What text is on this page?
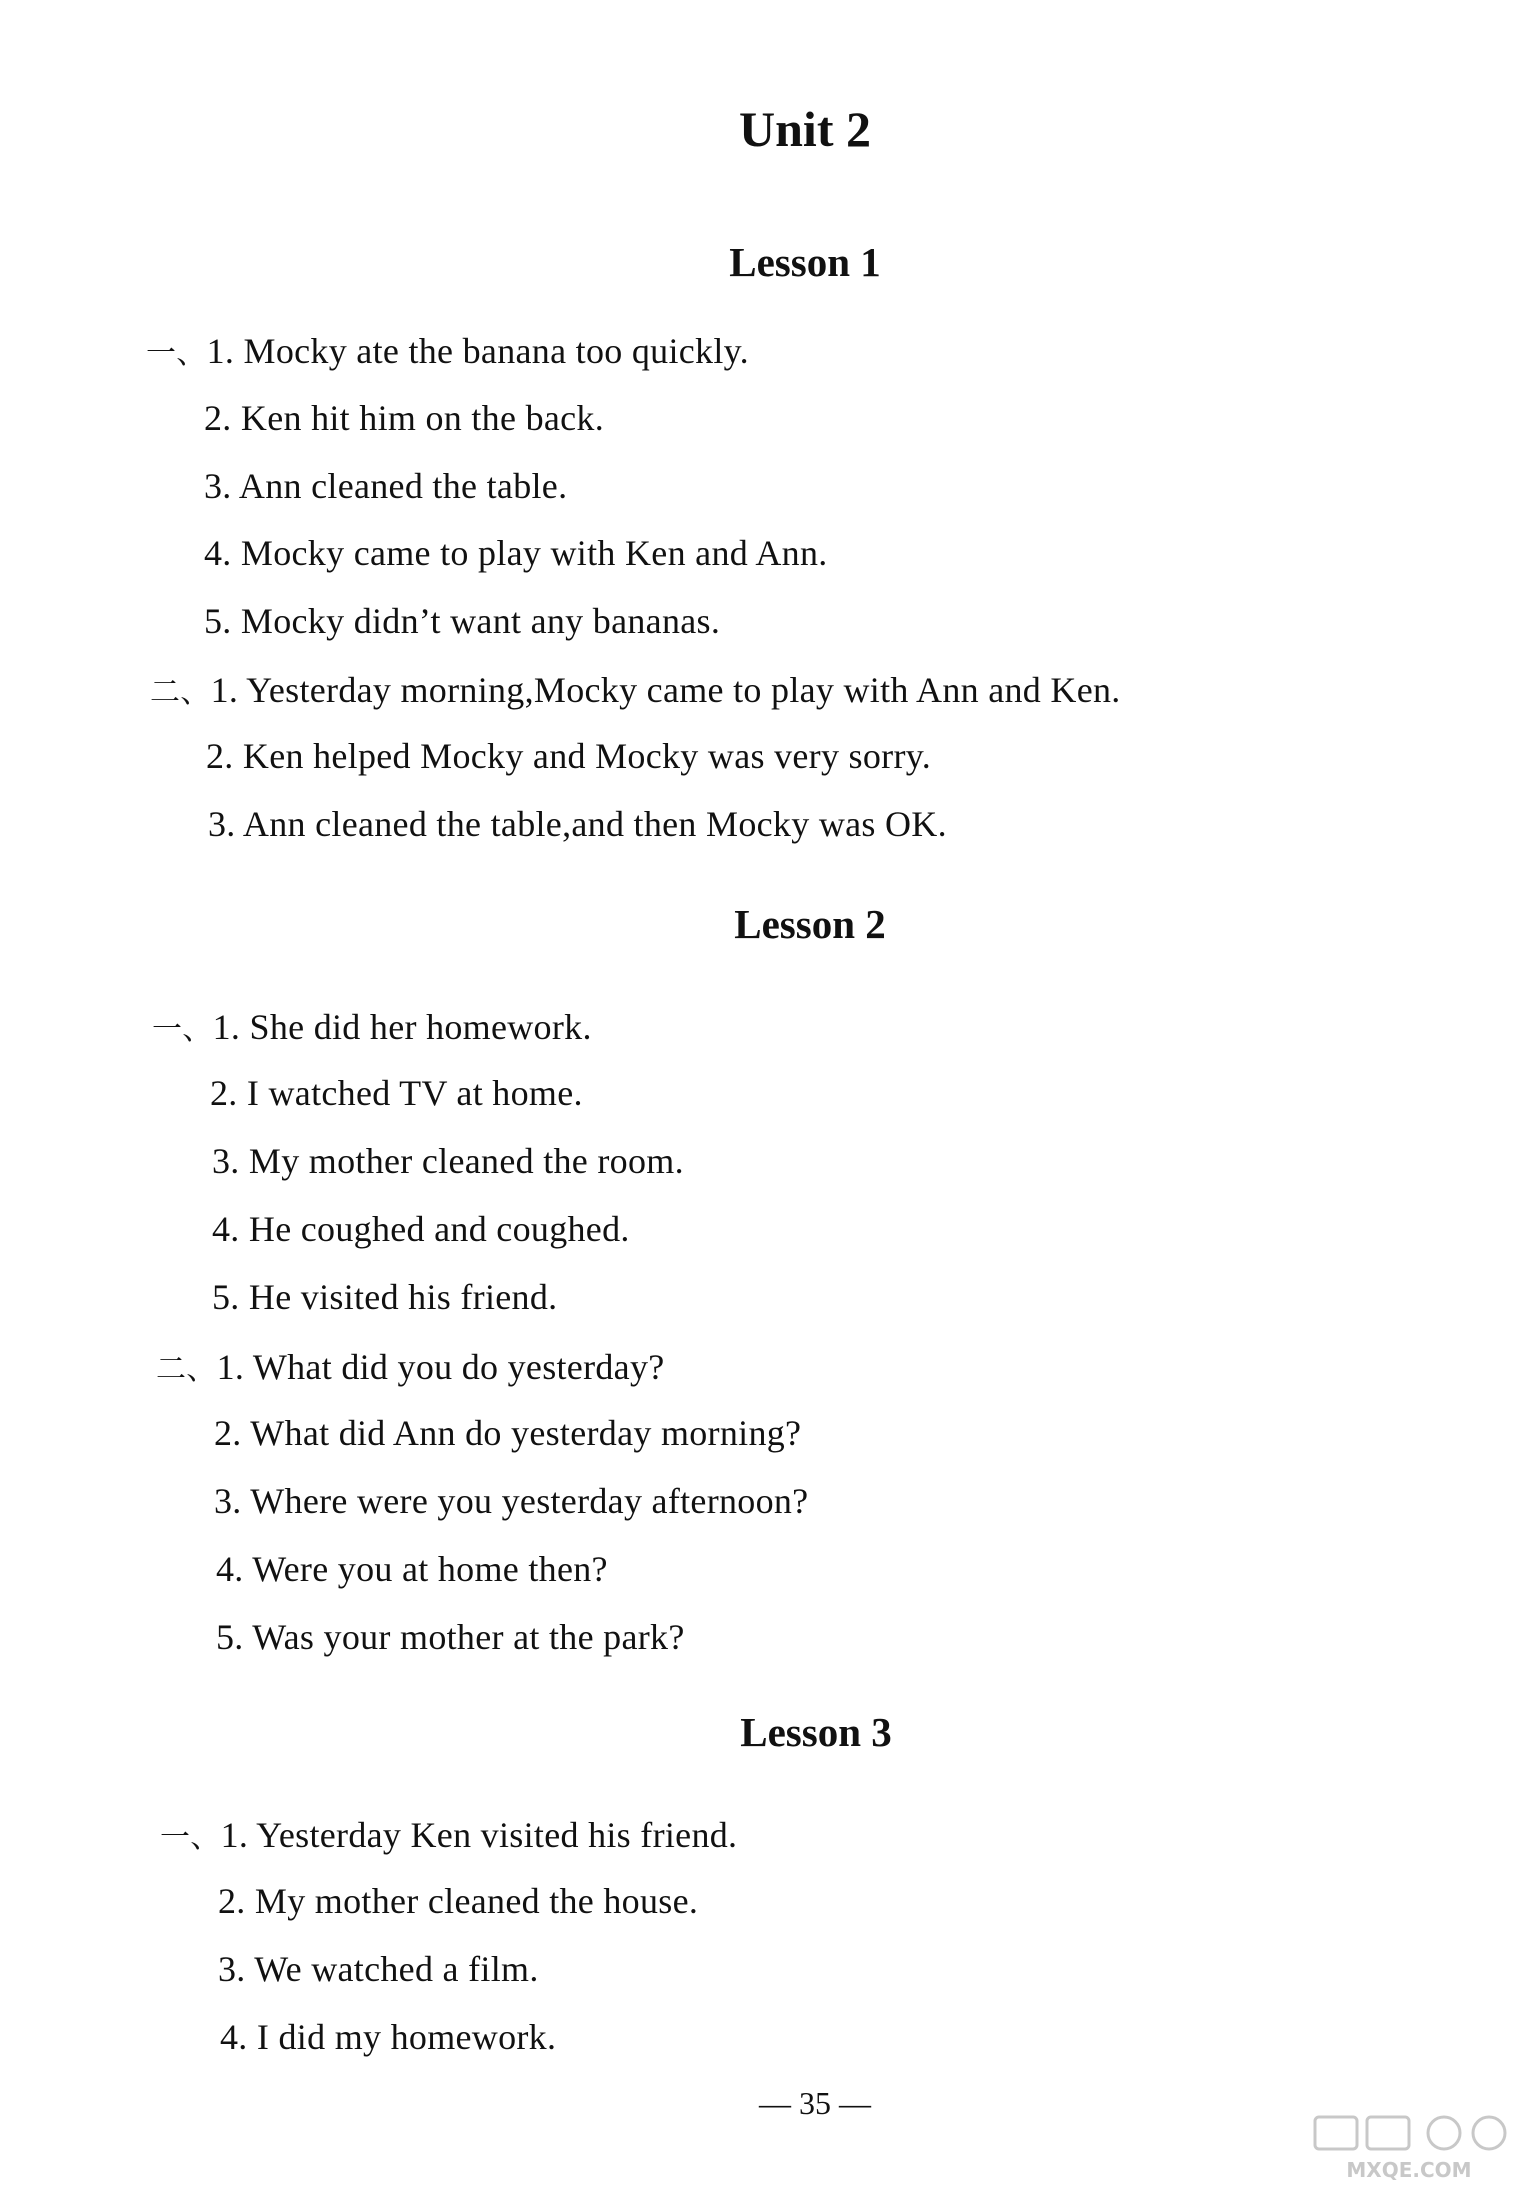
Unit 2
Lesson 1
一、1. Mocky ate the banana too quickly.
2. Ken hit him on the back.
3. Ann cleaned the table.
4. Mocky came to play with Ken and Ann.
5. Mocky didn’t want any bananas.
二、1. Yesterday morning,Mocky came to play with Ann and Ken.
2. Ken helped Mocky and Mocky was very sorry.
3. Ann cleaned the table,and then Mocky was OK.
Lesson 2
一、1. She did her homework.
2. I watched TV at home.
3. My mother cleaned the room.
4. He coughed and coughed.
5. He visited his friend.
二、1. What did you do yesterday?
2. What did Ann do yesterday morning?
3. Where were you yesterday afternoon?
4. Were you at home then?
5. Was your mother at the park?
Lesson 3
一、1. Yesterday Ken visited his friend.
2. My mother cleaned the house.
3. We watched a film.
4. I did my homework.
— 35 —
MXQE.COM
